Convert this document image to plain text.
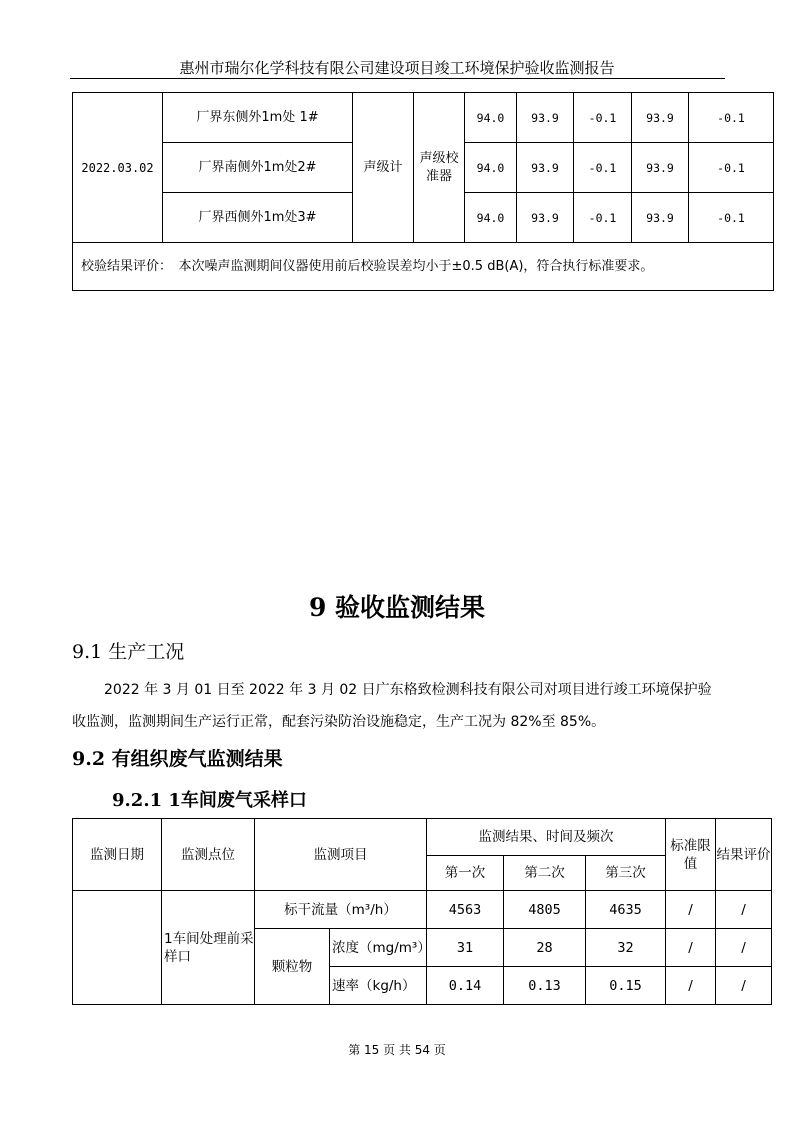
惠州市瑞尔化学科技有限公司建设项目竣工环境保护验收监测报告
2022.03.02	厂界东侧外1m处 1#	声级计	声级校准器	94.0	93.9	-0.1	93.9	-0.1
	厂界南侧外1m处2#			94.0	93.9	-0.1	93.9	-0.1
	厂界西侧外1m处3#			94.0	93.9	-0.1	93.9	-0.1
校验结果评价：　本次噪声监测期间仪器使用前后校验误差均小于±0.5 dB(A)，符合执行标准要求。								
9 验收监测结果
9.1 生产工况
2022 年 3 月 01 日至 2022 年 3 月 02 日广东格致检测科技有限公司对项目进行竣工环境保护验收监测，监测期间生产运行正常，配套污染防治设施稳定，生产工况为 82%至 85%。
9.2 有组织废气监测结果
9.2.1 1车间废气采样口
监测日期	监测点位	监测项目		监测结果、时间及频次			标准限值	结果评价
				第一次	第二次	第三次		
	1车间处理前采样口	标干流量（m³/h）		4563	4805	4635	/	/
		颗粒物	浓度（mg/m³）	31	28	32	/	/
			速率（kg/h）	0.14	0.13	0.15	/	/
第 15 页 共 54 页
